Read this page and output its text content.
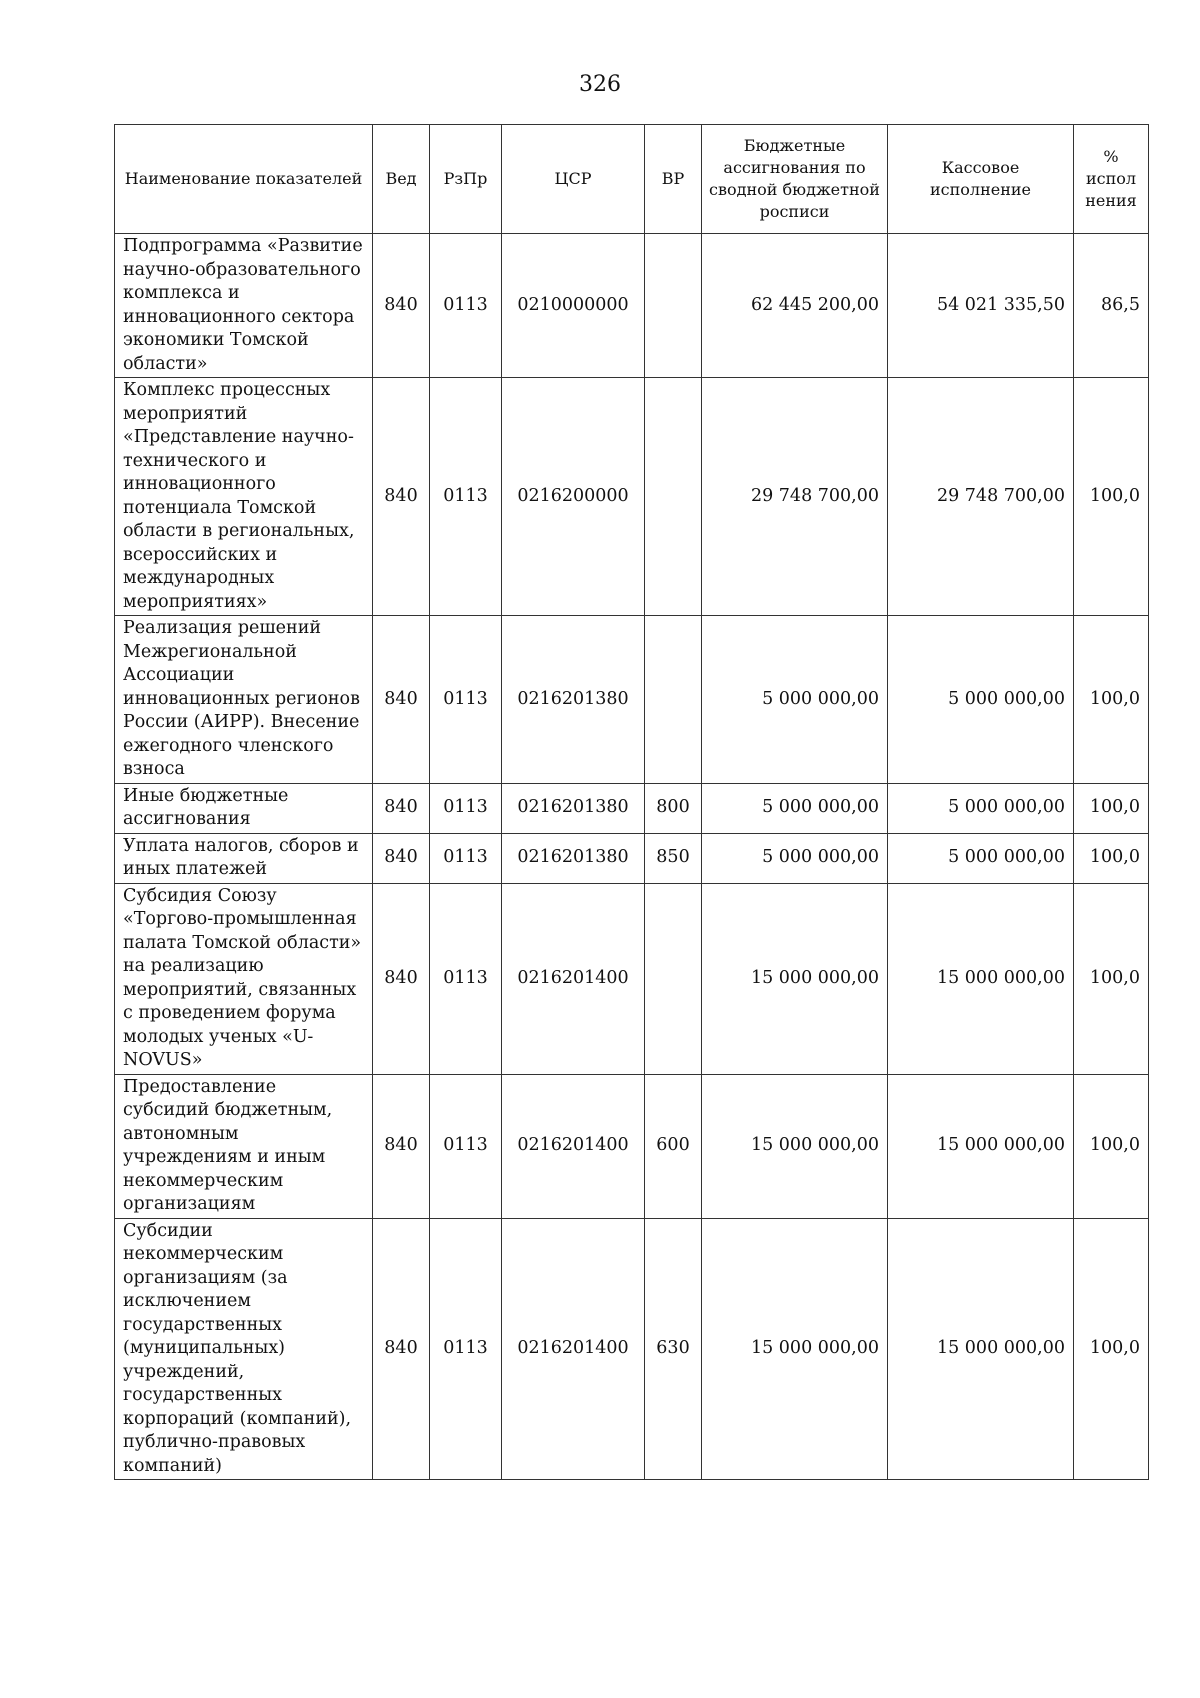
326
Наименование показателей	Вед	РзПр	ЦСР	ВР	Бюджетные ассигнования по сводной бюджетной росписи	Кассовое исполнение	% испол нения
Подпрограмма «Развитие научно-образовательного комплекса и инновационного сектора экономики Томской области»	840	0113	0210000000		62 445 200,00	54 021 335,50	86,5
Комплекс процессных мероприятий «Представление научно-технического и инновационного потенциала Томской области в региональных, всероссийских и международных мероприятиях»	840	0113	0216200000		29 748 700,00	29 748 700,00	100,0
Реализация решений Межрегиональной Ассоциации инновационных регионов России (АИРР). Внесение ежегодного членского взноса	840	0113	0216201380		5 000 000,00	5 000 000,00	100,0
Иные бюджетные ассигнования	840	0113	0216201380	800	5 000 000,00	5 000 000,00	100,0
Уплата налогов, сборов и иных платежей	840	0113	0216201380	850	5 000 000,00	5 000 000,00	100,0
Субсидия Союзу «Торгово-промышленная палата Томской области» на реализацию мероприятий, связанных с проведением форума молодых ученых «U-NOVUS»	840	0113	0216201400		15 000 000,00	15 000 000,00	100,0
Предоставление субсидий бюджетным, автономным учреждениям и иным некоммерческим организациям	840	0113	0216201400	600	15 000 000,00	15 000 000,00	100,0
Субсидии некоммерческим организациям (за исключением государственных (муниципальных) учреждений, государственных корпораций (компаний), публично-правовых компаний)	840	0113	0216201400	630	15 000 000,00	15 000 000,00	100,0
